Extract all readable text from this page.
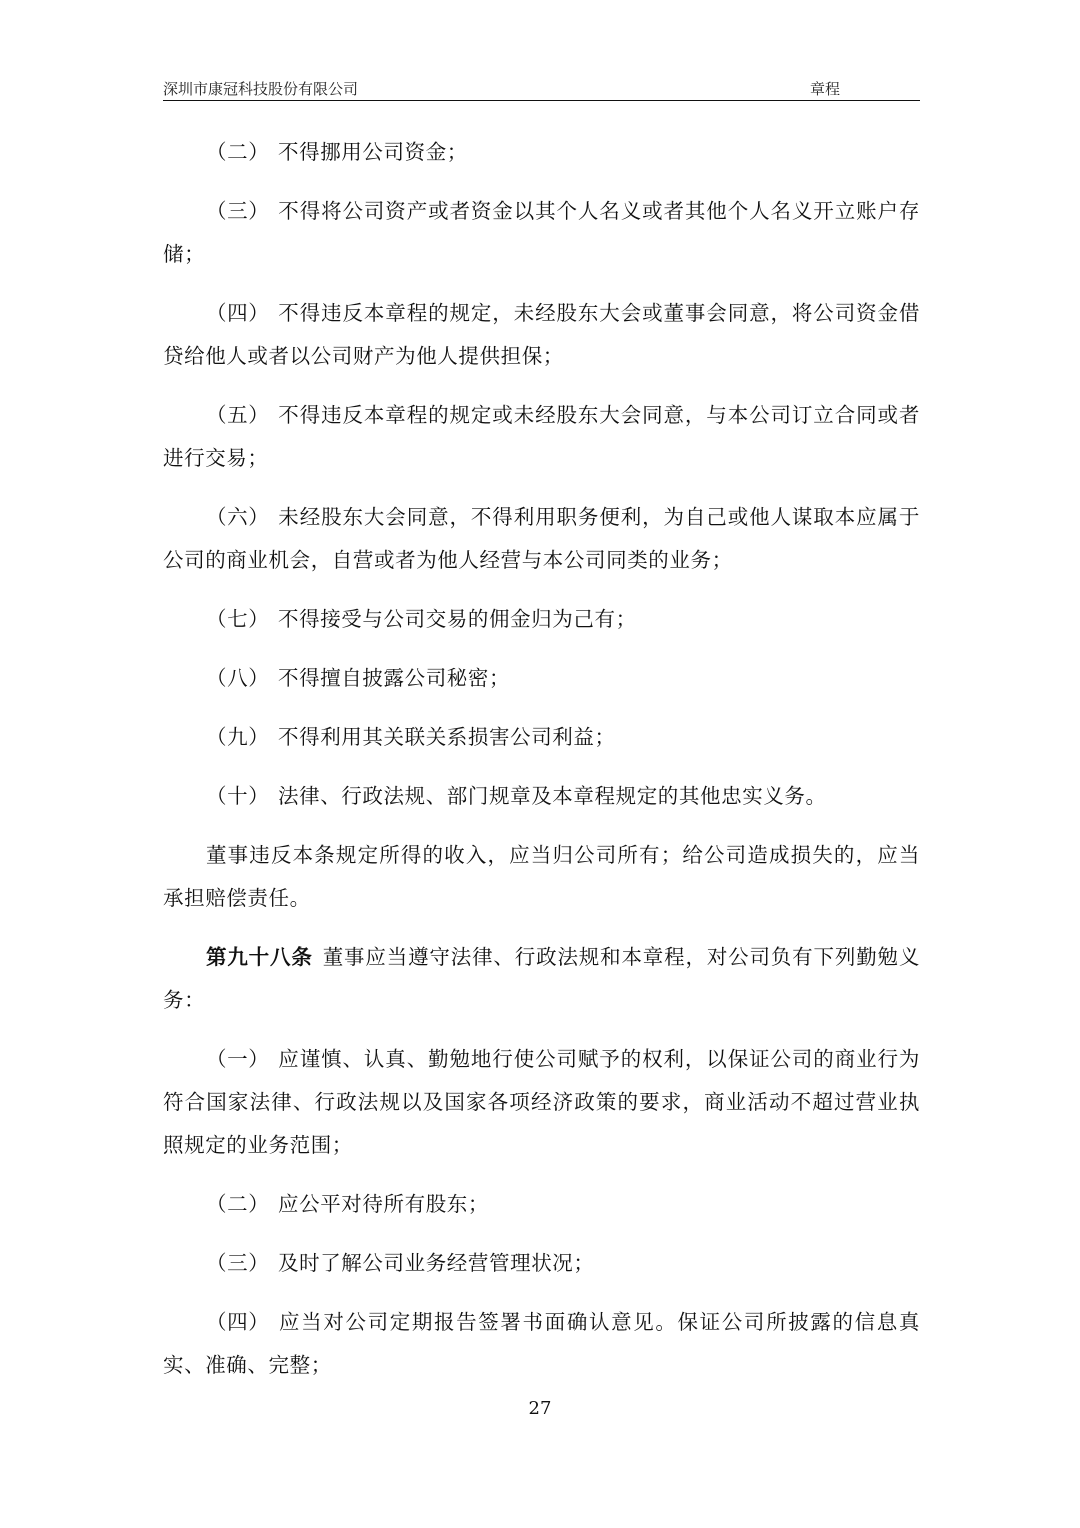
深圳市康冠科技股份有限公司	章程

（二） 不得挪用公司资金；

（三） 不得将公司资产或者资金以其个人名义或者其他个人名义开立账户存储；

（四） 不得违反本章程的规定，未经股东大会或董事会同意，将公司资金借贷给他人或者以公司财产为他人提供担保；

（五） 不得违反本章程的规定或未经股东大会同意，与本公司订立合同或者进行交易；

（六） 未经股东大会同意，不得利用职务便利，为自己或他人谋取本应属于公司的商业机会，自营或者为他人经营与本公司同类的业务；

（七） 不得接受与公司交易的佣金归为己有；

（八） 不得擅自披露公司秘密；

（九） 不得利用其关联关系损害公司利益；

（十） 法律、行政法规、部门规章及本章程规定的其他忠实义务。

董事违反本条规定所得的收入，应当归公司所有；给公司造成损失的，应当承担赔偿责任。

第九十八条 董事应当遵守法律、行政法规和本章程，对公司负有下列勤勉义务：

（一） 应谨慎、认真、勤勉地行使公司赋予的权利，以保证公司的商业行为符合国家法律、行政法规以及国家各项经济政策的要求，商业活动不超过营业执照规定的业务范围；

（二） 应公平对待所有股东；

（三） 及时了解公司业务经营管理状况；

（四） 应当对公司定期报告签署书面确认意见。保证公司所披露的信息真实、准确、完整；

27
